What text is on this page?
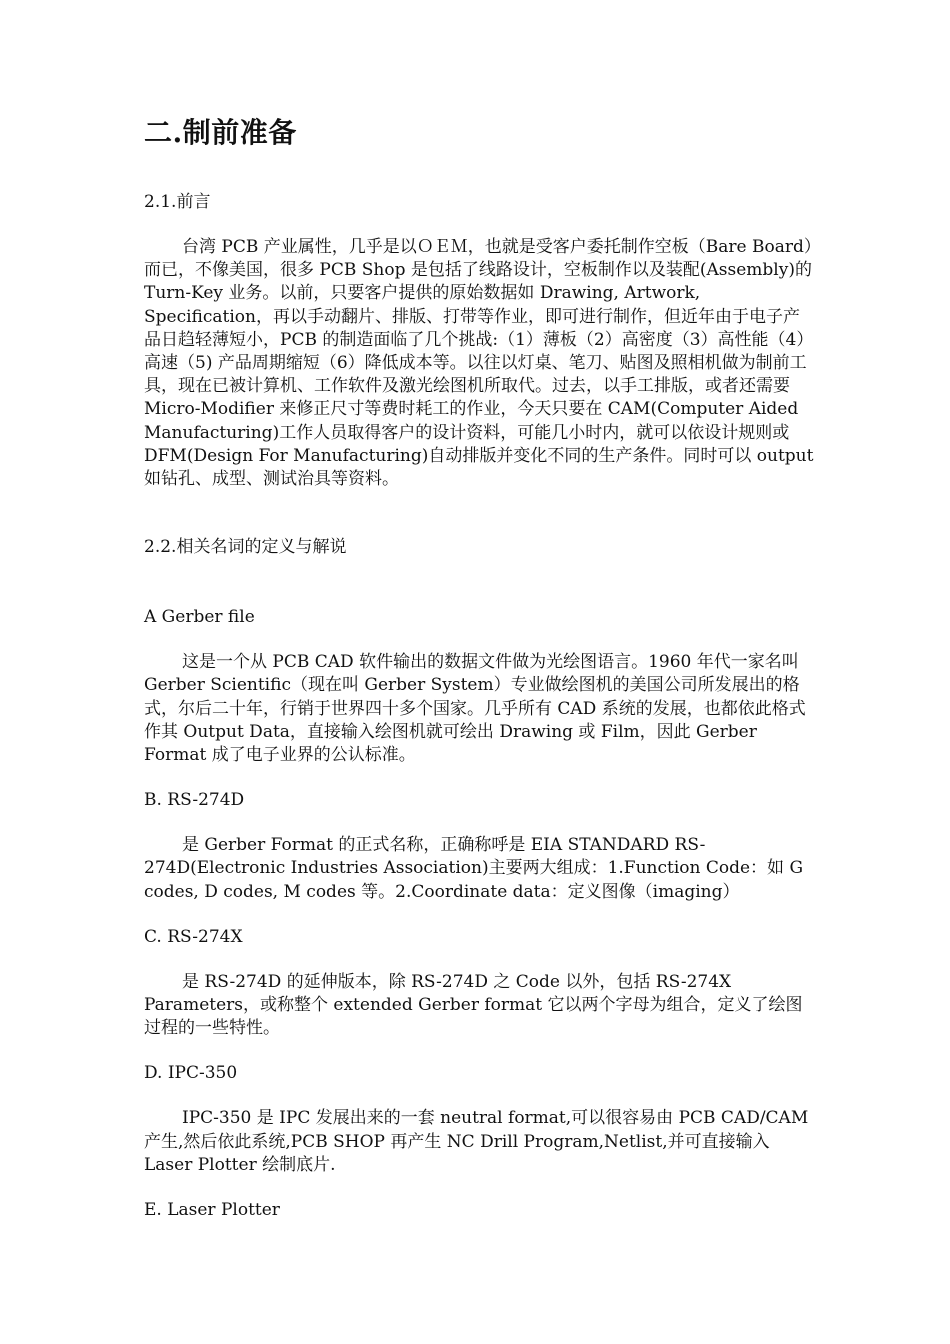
二.制前准备
2.1.前言

台湾 PCB 产业属性，几乎是以ＯＥＭ，也就是受客户委托制作空板（Bare Board）而已，不像美国，很多 PCB Shop 是包括了线路设计，空板制作以及装配(Assembly)的 Turn-Key 业务。以前，只要客户提供的原始数据如 Drawing, Artwork, Specification，再以手动翻片、排版、打带等作业，即可进行制作，但近年由于电子产品日趋轻薄短小，PCB 的制造面临了几个挑战:（1）薄板（2）高密度（3）高性能（4）高速（5) 产品周期缩短（6）降低成本等。以往以灯桌、笔刀、贴图及照相机做为制前工具，现在已被计算机、工作软件及激光绘图机所取代。过去，以手工排版，或者还需要 Micro-Modifier 来修正尺寸等费时耗工的作业，今天只要在 CAM(Computer Aided Manufacturing)工作人员取得客户的设计资料，可能几小时内，就可以依设计规则或 DFM(Design For Manufacturing)自动排版并变化不同的生产条件。同时可以 output 如钻孔、成型、测试治具等资料。

2.2.相关名词的定义与解说
A Gerber file

这是一个从 PCB CAD 软件输出的数据文件做为光绘图语言。1960 年代一家名叫 Gerber Scientific（现在叫 Gerber System）专业做绘图机的美国公司所发展出的格式，尔后二十年，行销于世界四十多个国家。几乎所有 CAD 系统的发展，也都依此格式作其 Output Data，直接输入绘图机就可绘出 Drawing 或 Film，因此 Gerber Format 成了电子业界的公认标准。

B. RS-274D

是 Gerber Format 的正式名称，正确称呼是 EIA STANDARD RS-274D(Electronic Industries Association)主要两大组成：1.Function Code：如 G codes, D codes, M codes 等。2.Coordinate data：定义图像（imaging）

C. RS-274X

是 RS-274D 的延伸版本，除 RS-274D 之 Code 以外，包括 RS-274X Parameters，或称整个 extended Gerber format 它以两个字母为组合，定义了绘图过程的一些特性。

D. IPC-350

IPC-350 是 IPC 发展出来的一套 neutral format,可以很容易由 PCB CAD/CAM 产生,然后依此系统,PCB SHOP 再产生 NC Drill Program,Netlist,并可直接输入 Laser Plotter 绘制底片.

E. Laser Plotter
